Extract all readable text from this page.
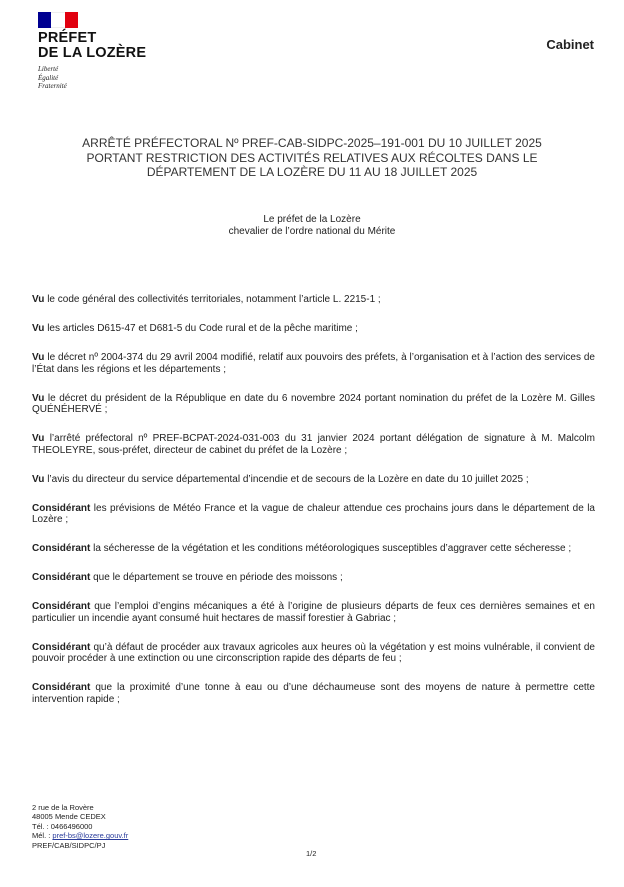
PRÉFET
DE LA LOZÈRE
Liberté
Égalité
Fraternité
Cabinet
ARRÊTÉ PRÉFECTORAL Nº PREF-CAB-SIDPC-2025–191-001 DU 10 JUILLET 2025
PORTANT RESTRICTION DES ACTIVITÉS RELATIVES AUX RÉCOLTES DANS LE
DÉPARTEMENT DE LA LOZÈRE DU 11 AU 18 JUILLET 2025
Le préfet de la Lozère
chevalier de l’ordre national du Mérite

Vu le code général des collectivités territoriales, notamment l’article L. 2215-1 ;

Vu les articles D615-47 et D681-5 du Code rural et de la pêche maritime ;

Vu le décret nº 2004-374 du 29 avril 2004 modifié, relatif aux pouvoirs des préfets, à l’organisation et à l’action des services de l’État dans les régions et les départements ;

Vu le décret du président de la République en date du 6 novembre 2024 portant nomination du préfet de la Lozère M. Gilles QUÉNÉHERVÉ ;

Vu l’arrêté préfectoral nº PREF-BCPAT-2024-031-003 du 31 janvier 2024 portant délégation de signature à M. Malcolm THEOLEYRE, sous-préfet, directeur de cabinet du préfet de la Lozère ;

Vu l’avis du directeur du service départemental d’incendie et de secours de la Lozère en date du 10 juillet 2025 ;

Considérant les prévisions de Météo France et la vague de chaleur attendue ces prochains jours dans le département de la Lozère ;

Considérant la sécheresse de la végétation et les conditions météorologiques susceptibles d’aggraver cette sécheresse ;

Considérant que le département se trouve en période des moissons ;

Considérant que l’emploi d’engins mécaniques a été à l’origine de plusieurs départs de feux ces dernières semaines et en particulier un incendie ayant consumé huit hectares de massif forestier à Gabriac ;

Considérant qu’à défaut de procéder aux travaux agricoles aux heures où la végétation y est moins vulnérable, il convient de pouvoir procéder à une extinction ou une circonscription rapide des départs de feu ;

Considérant que la proximité d’une tonne à eau ou d’une déchaumeuse sont des moyens de nature à permettre cette intervention rapide ;

2 rue de la Rovère
48005 Mende CEDEX
Tél. : 0466496000
Mél. : pref-bs@lozere.gouv.fr
PREF/CAB/SIDPC/PJ
1/2
